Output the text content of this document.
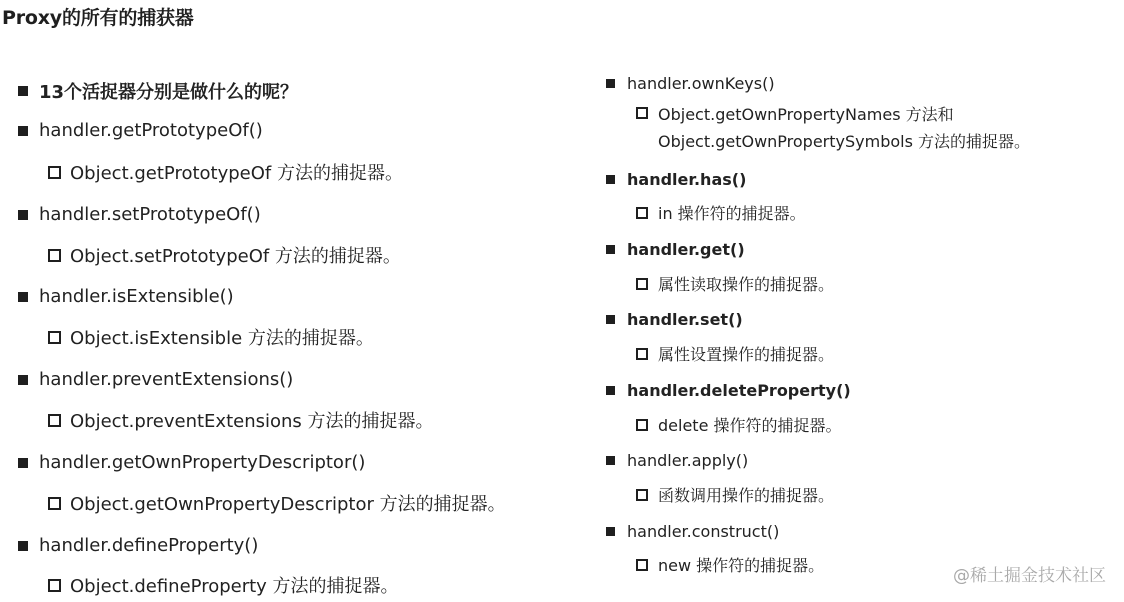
Proxy的所有的捕获器
13个活捉器分别是做什么的呢？
handler.getPrototypeOf()
Object.getPrototypeOf 方法的捕捉器。
handler.setPrototypeOf()
Object.setPrototypeOf 方法的捕捉器。
handler.isExtensible()
Object.isExtensible 方法的捕捉器。
handler.preventExtensions()
Object.preventExtensions 方法的捕捉器。
handler.getOwnPropertyDescriptor()
Object.getOwnPropertyDescriptor 方法的捕捉器。
handler.defineProperty()
Object.defineProperty 方法的捕捉器。
handler.ownKeys()
Object.getOwnPropertyNames 方法和
Object.getOwnPropertySymbols 方法的捕捉器。
handler.has()
in 操作符的捕捉器。
handler.get()
属性读取操作的捕捉器。
handler.set()
属性设置操作的捕捉器。
handler.deleteProperty()
delete 操作符的捕捉器。
handler.apply()
函数调用操作的捕捉器。
handler.construct()
new 操作符的捕捉器。
@稀土掘金技术社区
